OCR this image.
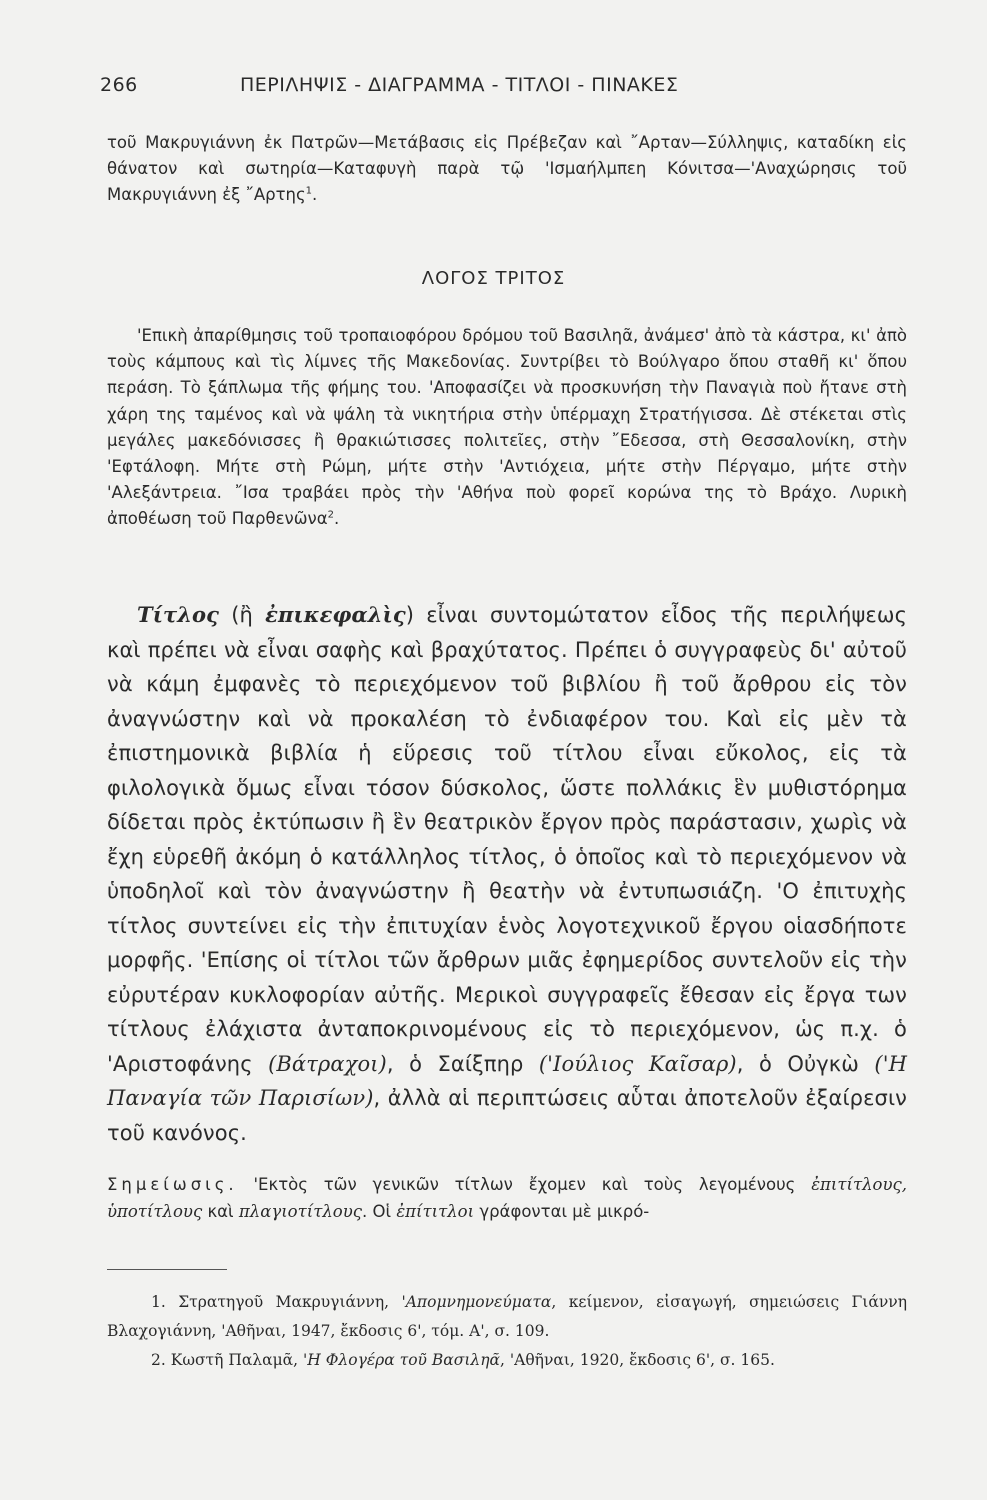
266	ΠΕΡΙΛΗΨΙΣ - ΔΙΑΓΡΑΜΜΑ - ΤΙΤΛΟΙ - ΠΙΝΑΚΕΣ

τοῦ Μακρυγιάννη ἐκ Πατρῶν—Μετάβασις εἰς Πρέβεζαν καὶ ῎Αρταν—Σύλληψις, καταδίκη εἰς θάνατον καὶ σωτηρία—Καταφυγὴ παρὰ τῷ 'Ισμαήλμπεη Κόνιτσα—'Αναχώρησις τοῦ Μακρυγιάννη ἐξ ῎Αρτης$^1$.

ΛΟΓΟΣ ΤΡΙΤΟΣ

'Επικὴ ἀπαρίθμησις τοῦ τροπαιοφόρου δρόμου τοῦ Βασιληᾶ, ἀνάμεσ' ἀπὸ τὰ κάστρα, κι' ἀπὸ τοὺς κάμπους καὶ τὶς λίμνες τῆς Μακεδονίας. Συντρίβει τὸ Βούλγαρο ὅπου σταθῆ κι' ὅπου περάση. Τὸ ξάπλωμα τῆς φήμης του. 'Αποφασίζει νὰ προσκυνήση τὴν Παναγιὰ ποὺ ἤτανε στὴ χάρη της ταμένος καὶ νὰ ψάλη τὰ νικητήρια στὴν ὑπέρμαχη Στρατήγισσα. Δὲ στέκεται στὶς μεγάλες μακεδόνισσες ἢ θρακιώτισσες πολιτεῖες, στὴν ῎Εδεσσα, στὴ Θεσσαλονίκη, στὴν 'Εφτάλοφη. Μήτε στὴ Ρώμη, μήτε στὴν 'Αντιόχεια, μήτε στὴν Πέργαμο, μήτε στὴν 'Αλεξάντρεια. ῎Ισα τραβάει πρὸς τὴν 'Αθήνα ποὺ φορεῖ κορώνα της τὸ Βράχο. Λυρικὴ ἀποθέωση τοῦ Παρθενῶνα$^2$.

Τίτλος (ἢ ἐπικεφαλὶς) εἶναι συντομώτατον εἶδος τῆς περιλήψεως καὶ πρέπει νὰ εἶναι σαφὴς καὶ βραχύτατος. Πρέπει ὁ συγγραφεὺς δι' αὐτοῦ νὰ κάμη ἐμφανὲς τὸ περιεχόμενον τοῦ βιβλίου ἢ τοῦ ἄρθρου εἰς τὸν ἀναγνώστην καὶ νὰ προκαλέση τὸ ἐνδιαφέρον του. Καὶ εἰς μὲν τὰ ἐπιστημονικὰ βιβλία ἡ εὕρεσις τοῦ τίτλου εἶναι εὔκολος, εἰς τὰ φιλολογικὰ ὅμως εἶναι τόσον δύσκολος, ὥστε πολλάκις ἓν μυθιστόρημα δίδεται πρὸς ἐκτύπωσιν ἢ ἓν θεατρικὸν ἔργον πρὸς παράστασιν, χωρὶς νὰ ἔχη εὑρεθῆ ἀκόμη ὁ κατάλληλος τίτλος, ὁ ὁποῖος καὶ τὸ περιεχόμενον νὰ ὑποδηλοῖ καὶ τὸν ἀναγνώστην ἢ θεατὴν νὰ ἐντυπωσιάζη. 'Ο ἐπιτυχὴς τίτλος συντείνει εἰς τὴν ἐπιτυχίαν ἑνὸς λογοτεχνικοῦ ἔργου οἱασδήποτε μορφῆς. 'Επίσης οἱ τίτλοι τῶν ἄρθρων μιᾶς ἐφημερίδος συντελοῦν εἰς τὴν εὐρυτέραν κυκλοφορίαν αὐτῆς. Μερικοὶ συγγραφεῖς ἔθεσαν εἰς ἔργα των τίτλους ἐλάχιστα ἀνταποκρινομένους εἰς τὸ περιεχόμενον, ὡς π.χ. ὁ 'Αριστοφάνης (Βάτραχοι), ὁ Σαίξπηρ ('Ιούλιος Καῖσαρ), ὁ Οὐγκὼ ('Η Παναγία τῶν Παρισίων), ἀλλὰ αἱ περιπτώσεις αὗται ἀποτελοῦν ἐξαίρεσιν τοῦ κανόνος.

Σημείωσις. 'Εκτὸς τῶν γενικῶν τίτλων ἔχομεν καὶ τοὺς λεγομένους ἐπιτίτλους, ὑποτίτλους καὶ πλαγιοτίτλους. Οἱ ἐπίτιτλοι γράφονται μὲ μικρό-

1. Στρατηγοῦ Μακρυγιάννη, 'Απομνημονεύματα, κείμενον, εἰσαγωγή, σημειώσεις Γιάννη Βλαχογιάννη, 'Αθῆναι, 1947, ἔκδοσις 6', τόμ. Α', σ. 109.

2. Κωστῆ Παλαμᾶ, 'Η Φλογέρα τοῦ Βασιληᾶ, 'Αθῆναι, 1920, ἔκδοσις 6', σ. 165.
